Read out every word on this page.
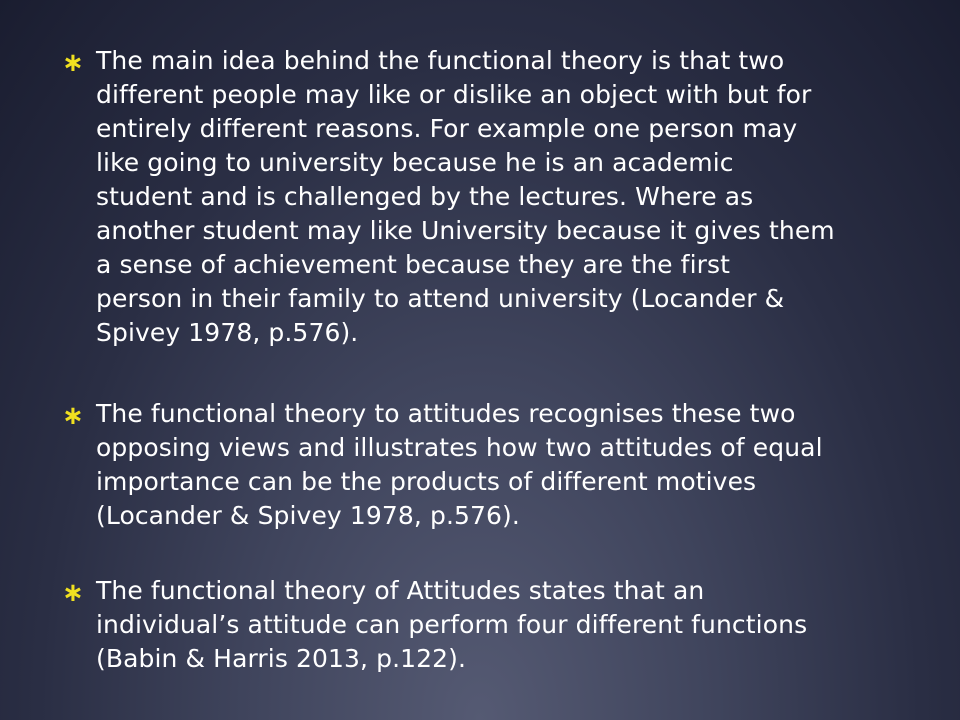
∗ The main idea behind the functional theory is that two
different people may like or dislike an object with but for
entirely different reasons. For example one person may
like going to university because he is an academic
student and is challenged by the lectures. Where as
another student may like University because it gives them
a sense of achievement because they are the first
person in their family to attend university (Locander &
Spivey 1978, p.576).
∗ The functional theory to attitudes recognises these two
opposing views and illustrates how two attitudes of equal
importance can be the products of different motives
(Locander & Spivey 1978, p.576).
∗ The functional theory of Attitudes states that an
individual’s attitude can perform four different functions
(Babin & Harris 2013, p.122).
